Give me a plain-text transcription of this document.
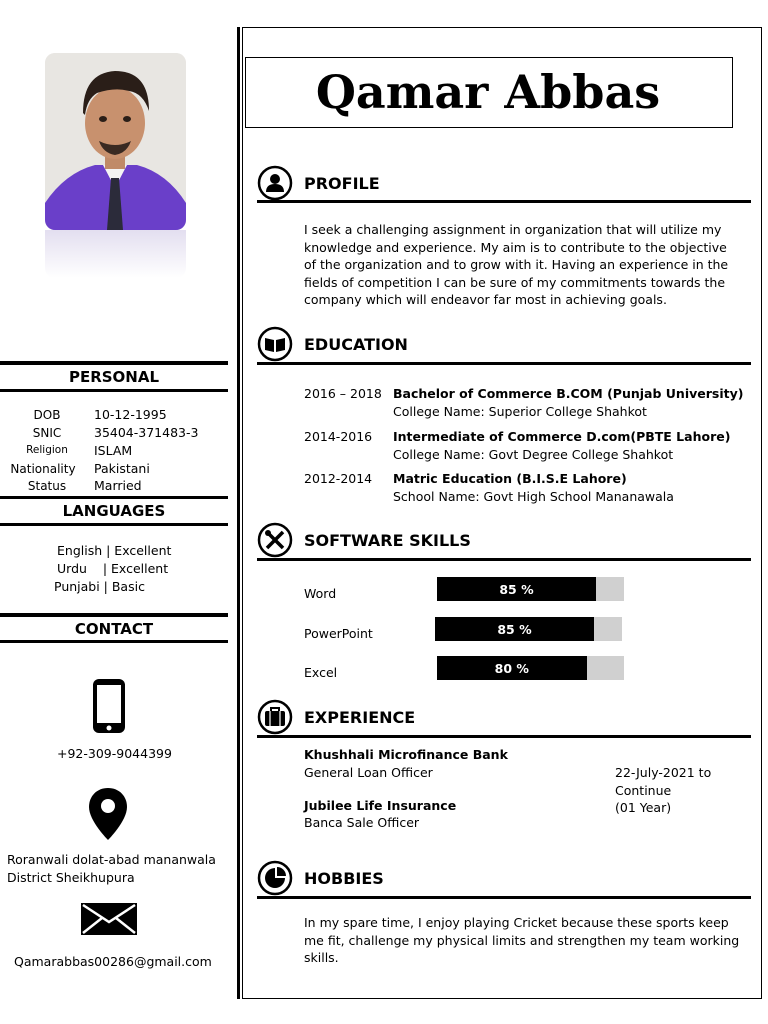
PERSONAL
DOB	10-12-1995
SNIC	35404-371483-3
Religion	ISLAM
Nationality	Pakistani
Status	Married
LANGUAGES
English | Excellent
Urdu    | Excellent
Punjabi | Basic
CONTACT
+92-309-9044399
Roranwali dolat-abad mananwala
District Sheikhupura
Qamarabbas00286@gmail.com
Qamar Abbas
PROFILE
I seek a challenging assignment in organization that will utilize my
knowledge and experience. My aim is to contribute to the objective
of the organization and to grow with it. Having an experience in the
fields of competition I can be sure of my commitments towards the
company which will endeavor far most in achieving goals.
EDUCATION
2016 – 2018 Bachelor of Commerce B.COM (Punjab University)
College Name: Superior College Shahkot
2014-2016 Intermediate of Commerce D.com(PBTE Lahore)
College Name: Govt Degree College Shahkot
2012-2014 Matric Education (B.I.S.E Lahore)
School Name: Govt High School Mananawala
SOFTWARE SKILLS
Word	85 %
PowerPoint	85 %
Excel	80 %
EXPERIENCE
Khushhali Microfinance Bank
General Loan Officer	22-July-2021 to
Continue
(01 Year)
Jubilee Life Insurance
Banca Sale Officer
HOBBIES
In my spare time, I enjoy playing Cricket because these sports keep
me fit, challenge my physical limits and strengthen my team working
skills.
